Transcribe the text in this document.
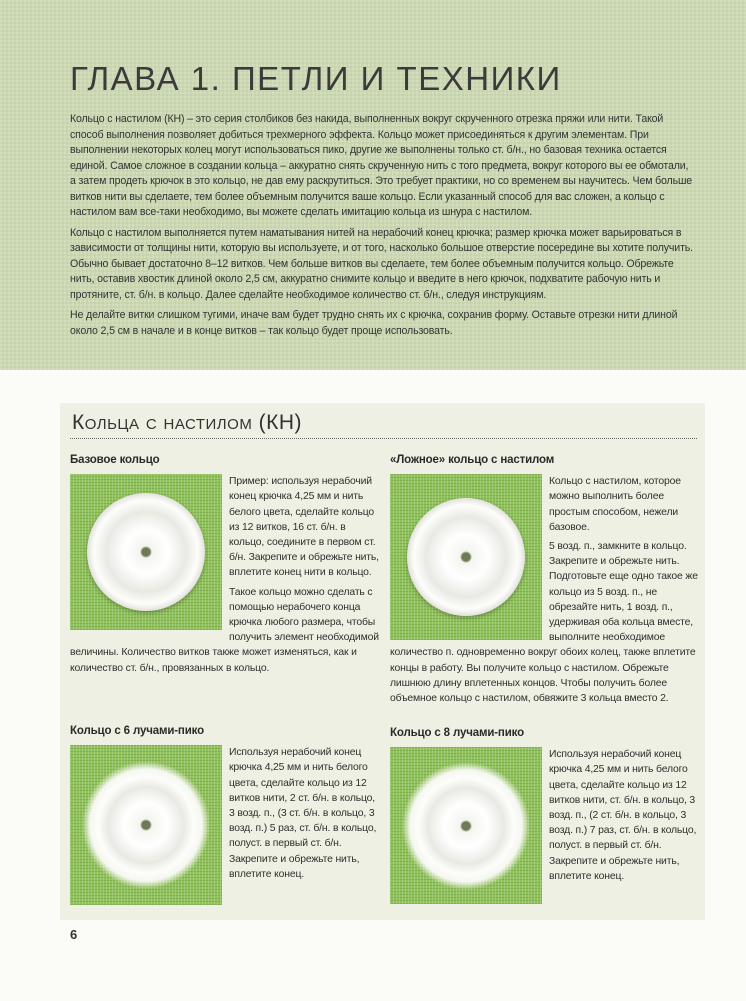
ГЛАВА 1. ПЕТЛИ И ТЕХНИКИ

Кольцо с настилом (КН) – это серия столбиков без накида, выполненных вокруг скрученного отрезка пряжи или нити. Такой способ выполнения позволяет добиться трехмерного эффекта. Кольцо может присоединяться к другим элементам. При выполнении некоторых колец могут использоваться пико, другие же выполнены только ст. б/н., но базовая техника остается единой. Самое сложное в создании кольца – аккуратно снять скрученную нить с того предмета, вокруг которого вы ее обмотали, а затем продеть крючок в это кольцо, не дав ему раскрутиться. Это требует практики, но со временем вы научитесь. Чем больше витков нити вы сделаете, тем более объемным получится ваше кольцо. Если указанный способ для вас сложен, а кольцо с настилом вам все-таки необходимо, вы можете сделать имитацию кольца из шнура с настилом.

Кольцо с настилом выполняется путем наматывания нитей на нерабочий конец крючка; размер крючка может варьироваться в зависимости от толщины нити, которую вы используете, и от того, насколько большое отверстие посередине вы хотите получить. Обычно бывает достаточно 8–12 витков. Чем больше витков вы сделаете, тем более объемным получится кольцо. Обрежьте нить, оставив хвостик длиной около 2,5 см, аккуратно снимите кольцо и введите в него крючок, подхватите рабочую нить и протяните, ст. б/н. в кольцо. Далее сделайте необходимое количество ст. б/н., следуя инструкциям.

Не делайте витки слишком тугими, иначе вам будет трудно снять их с крючка, сохранив форму. Оставьте отрезки нити длиной около 2,5 см в начале и в конце витков – так кольцо будет проще использовать.

Кольца с настилом (КН)
Базовое кольцо

Пример: используя нерабочий конец крючка 4,25 мм и нить белого цвета, сделайте кольцо из 12 витков, 16 ст. б/н. в кольцо, соедините в первом ст. б/н. Закрепите и обрежьте нить, вплетите конец нити в кольцо.

Такое кольцо можно сделать с помощью нерабочего конца крючка любого размера, чтобы получить элемент необходимой величины. Количество витков также может изменяться, как и количество ст. б/н., провязанных в кольцо.

«Ложное» кольцо с настилом

Кольцо с настилом, которое можно выполнить более простым способом, нежели базовое.

5 возд. п., замкните в кольцо. Закрепите и обрежьте нить. Подготовьте еще одно такое же кольцо из 5 возд. п., не обрезайте нить, 1 возд. п., удерживая оба кольца вместе, выполните необходимое количество п. одновременно вокруг обоих колец, также вплетите концы в работу. Вы получите кольцо с настилом. Обрежьте лишнюю длину вплетенных концов. Чтобы получить более объемное кольцо с настилом, обвяжите 3 кольца вместо 2.

Кольцо с 6 лучами-пико

Используя нерабочий конец крючка 4,25 мм и нить белого цвета, сделайте кольцо из 12 витков нити, 2 ст. б/н. в кольцо, 3 возд. п., (3 ст. б/н. в кольцо, 3 возд. п.) 5 раз, ст. б/н. в кольцо, полуст. в первый ст. б/н. Закрепите и обрежьте нить, вплетите конец.

Кольцо с 8 лучами-пико

Используя нерабочий конец крючка 4,25 мм и нить белого цвета, сделайте кольцо из 12 витков нити, ст. б/н. в кольцо, 3 возд. п., (2 ст. б/н. в кольцо, 3 возд. п.) 7 раз, ст. б/н. в кольцо, полуст. в первый ст. б/н. Закрепите и обрежьте нить, вплетите конец.

6
